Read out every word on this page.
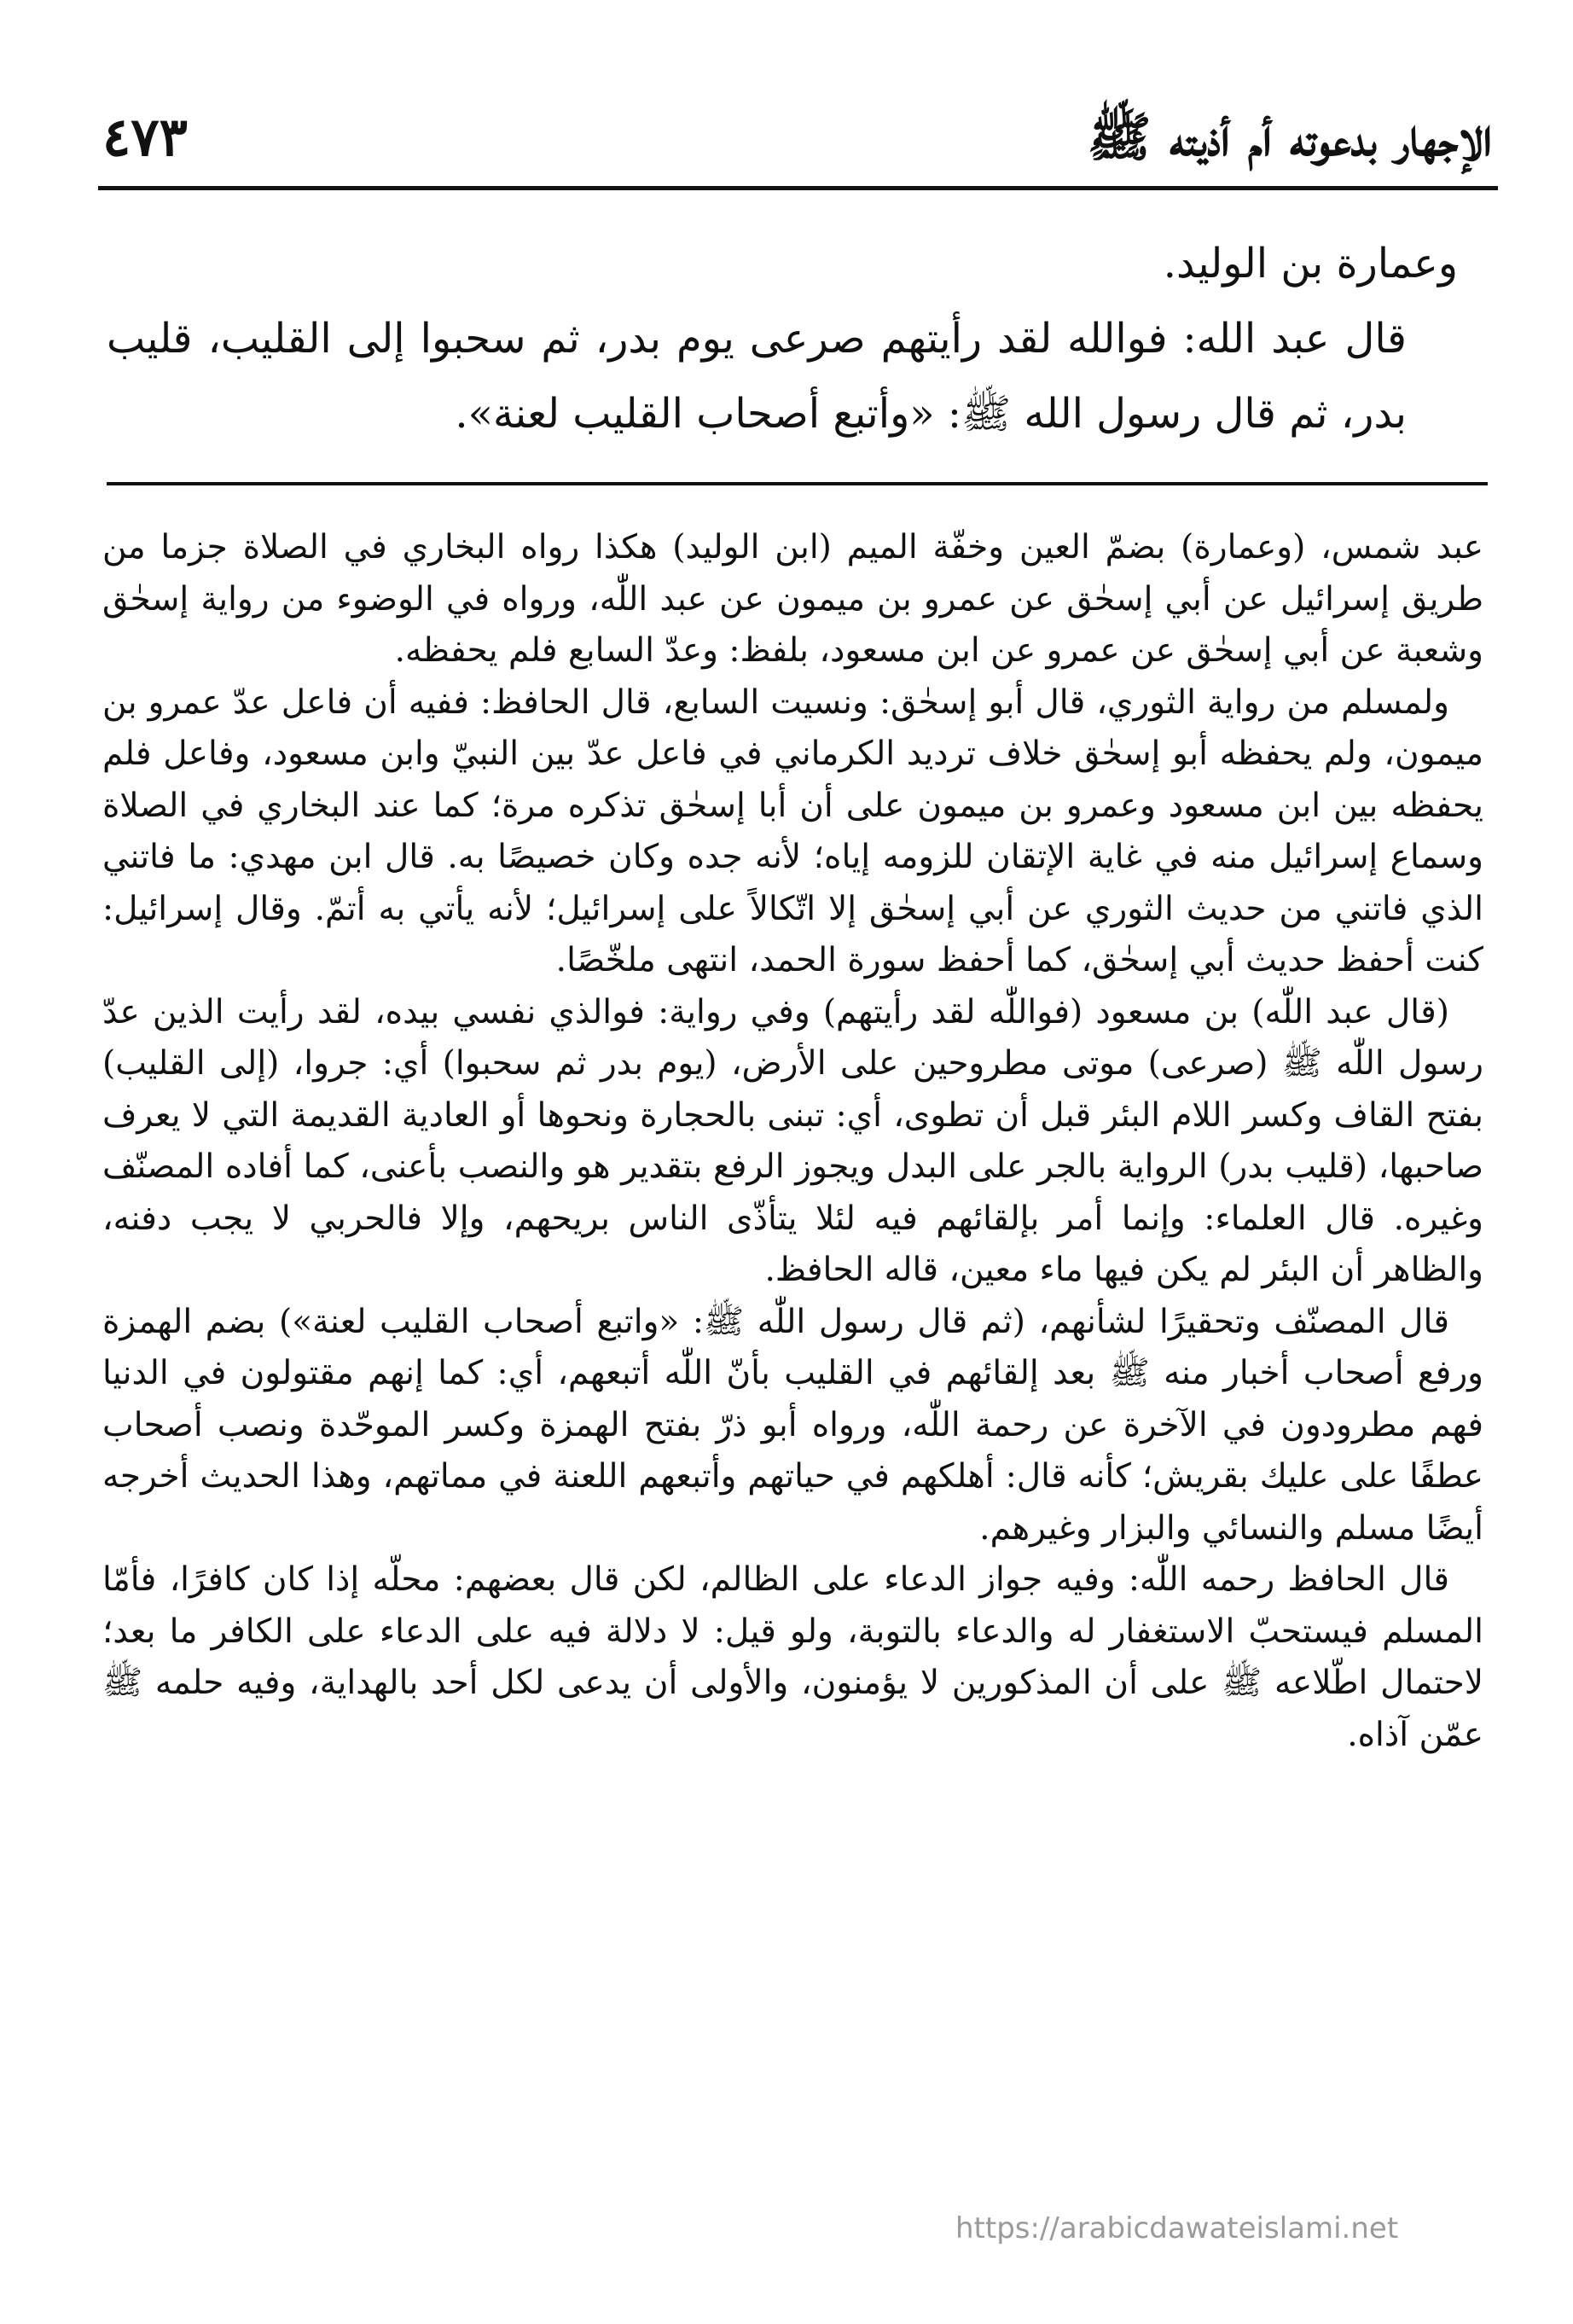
الإجهار بدعوته أم أذيته ﷺ
٤٧٣

وعمارة بن الوليد.

قال عبد الله: فوالله لقد رأيتهم صرعى يوم بدر، ثم سحبوا إلى القليب، قليب بدر، ثم قال رسول الله ﷺ: «وأتبع أصحاب القليب لعنة».

عبد شمس، (وعمارة) بضمّ العين وخفّة الميم (ابن الوليد) هكذا رواه البخاري في الصلاة جزما من طريق إسرائيل عن أبي إسحٰق عن عمرو بن ميمون عن عبد اللّٰه، ورواه في الوضوء من رواية إسحٰق وشعبة عن أبي إسحٰق عن عمرو عن ابن مسعود، بلفظ: وعدّ السابع فلم يحفظه.

ولمسلم من رواية الثوري، قال أبو إسحٰق: ونسيت السابع، قال الحافظ: ففيه أن فاعل عدّ عمرو بن ميمون، ولم يحفظه أبو إسحٰق خلاف ترديد الكرماني في فاعل عدّ بين النبيّ وابن مسعود، وفاعل فلم يحفظه بين ابن مسعود وعمرو بن ميمون على أن أبا إسحٰق تذكره مرة؛ كما عند البخاري في الصلاة وسماع إسرائيل منه في غاية الإتقان للزومه إياه؛ لأنه جده وكان خصيصًا به. قال ابن مهدي: ما فاتني الذي فاتني من حديث الثوري عن أبي إسحٰق إلا اتّكالاً على إسرائيل؛ لأنه يأتي به أتمّ. وقال إسرائيل: كنت أحفظ حديث أبي إسحٰق، كما أحفظ سورة الحمد، انتهى ملخّصًا.

(قال عبد اللّٰه) بن مسعود (فواللّٰه لقد رأيتهم) وفي رواية: فوالذي نفسي بيده، لقد رأيت الذين عدّ رسول اللّٰه ﷺ (صرعى) موتى مطروحين على الأرض، (يوم بدر ثم سحبوا) أي: جروا، (إلى القليب) بفتح القاف وكسر اللام البئر قبل أن تطوى، أي: تبنى بالحجارة ونحوها أو العادية القديمة التي لا يعرف صاحبها، (قليب بدر) الرواية بالجر على البدل ويجوز الرفع بتقدير هو والنصب بأعنى، كما أفاده المصنّف وغيره. قال العلماء: وإنما أمر بإلقائهم فيه لئلا يتأذّى الناس بريحهم، وإلا فالحربي لا يجب دفنه، والظاهر أن البئر لم يكن فيها ماء معين، قاله الحافظ.

قال المصنّف وتحقيرًا لشأنهم، (ثم قال رسول اللّٰه ﷺ: «واتبع أصحاب القليب لعنة») بضم الهمزة ورفع أصحاب أخبار منه ﷺ بعد إلقائهم في القليب بأنّ اللّٰه أتبعهم، أي: كما إنهم مقتولون في الدنيا فهم مطرودون في الآخرة عن رحمة اللّٰه، ورواه أبو ذرّ بفتح الهمزة وكسر الموحّدة ونصب أصحاب عطفًا على عليك بقريش؛ كأنه قال: أهلكهم في حياتهم وأتبعهم اللعنة في مماتهم، وهذا الحديث أخرجه أيضًا مسلم والنسائي والبزار وغيرهم.

قال الحافظ رحمه اللّٰه: وفيه جواز الدعاء على الظالم، لكن قال بعضهم: محلّه إذا كان كافرًا، فأمّا المسلم فيستحبّ الاستغفار له والدعاء بالتوبة، ولو قيل: لا دلالة فيه على الدعاء على الكافر ما بعد؛ لاحتمال اطّلاعه ﷺ على أن المذكورين لا يؤمنون، والأولى أن يدعى لكل أحد بالهداية، وفيه حلمه ﷺ عمّن آذاه.

https://arabicdawateislami.net
